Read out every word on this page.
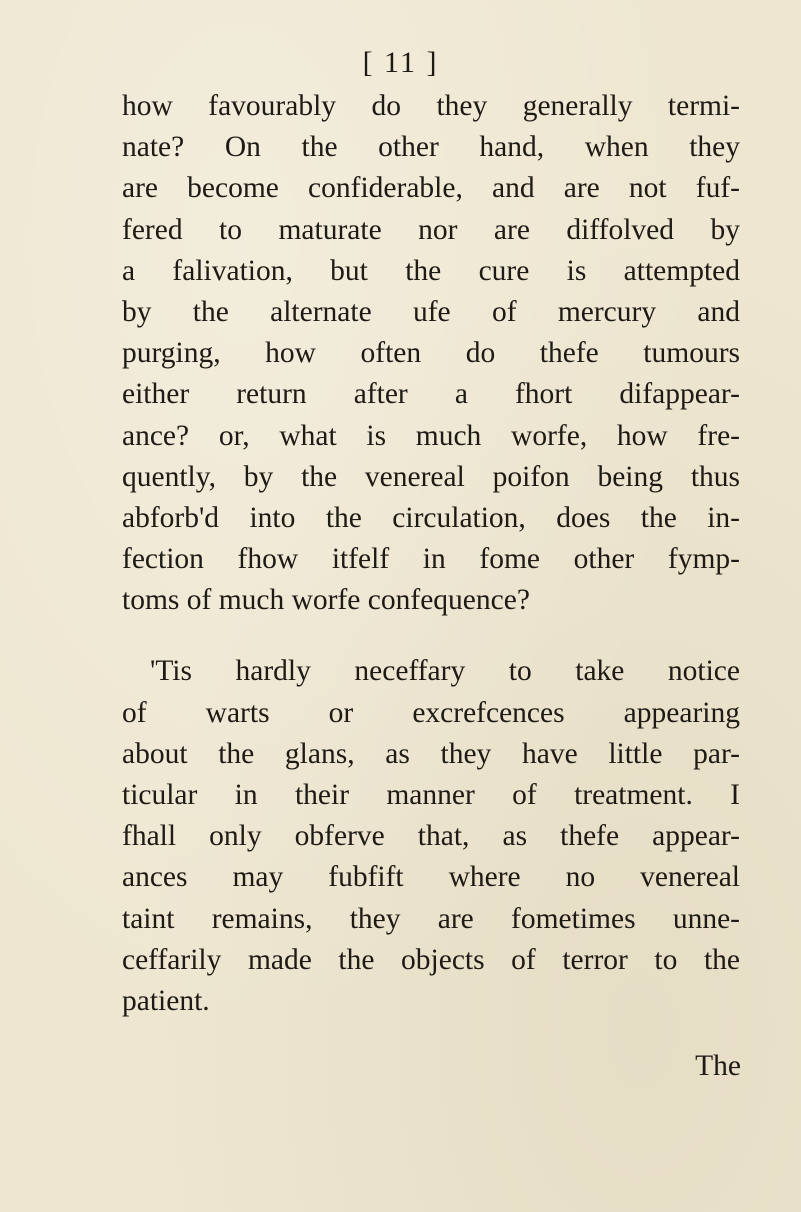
[ 11 ]
how favourably do they generally termi-
nate? On the other hand, when they
are become confiderable, and are not fuf-
fered to maturate nor are diffolved by
a falivation, but the cure is attempted
by the alternate ufe of mercury and
purging, how often do thefe tumours
either return after a fhort difappear-
ance? or, what is much worfe, how fre-
quently, by the venereal poifon being thus
abforb'd into the circulation, does the in-
fection fhow itfelf in fome other fymp-
toms of much worfe confequence?
'Tis hardly neceffary to take notice
of warts or excrefcences appearing
about the glans, as they have little par-
ticular in their manner of treatment. I
fhall only obferve that, as thefe appear-
ances may fubfift where no venereal
taint remains, they are fometimes unne-
ceffarily made the objects of terror to the
patient.
The
